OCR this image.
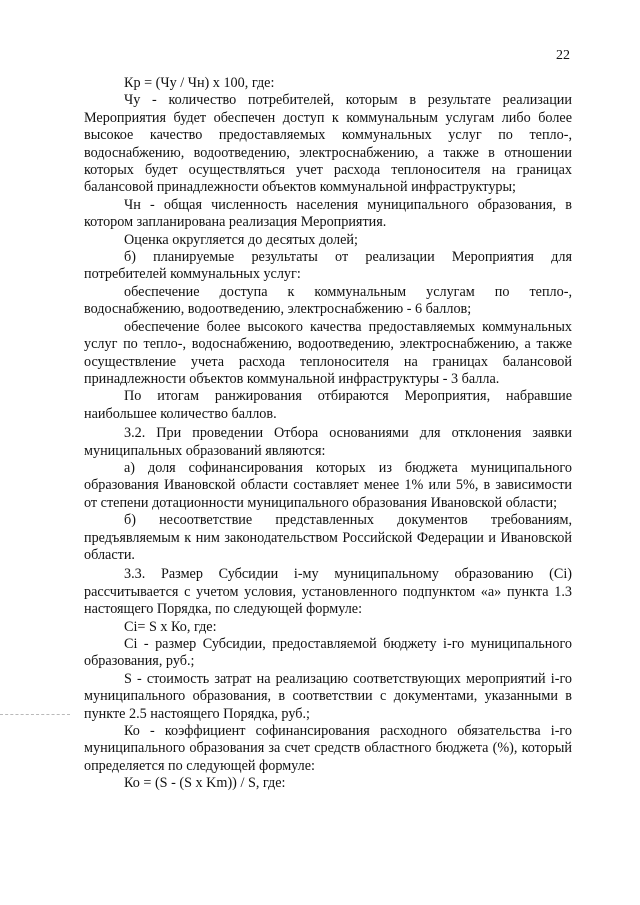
22

Кр = (Чу / Чн) х 100, где:

Чу - количество потребителей, которым в результате реализации Мероприятия будет обеспечен доступ к коммунальным услугам либо более высокое качество предоставляемых коммунальных услуг по тепло-, водоснабжению, водоотведению, электроснабжению, а также в отношении которых будет осуществляться учет расхода теплоносителя на границах балансовой принадлежности объектов коммунальной инфраструктуры;

Чн - общая численность населения муниципального образования, в котором запланирована реализация Мероприятия.

Оценка округляется до десятых долей;

б) планируемые результаты от реализации Мероприятия для потребителей коммунальных услуг:

обеспечение доступа к коммунальным услугам по тепло-, водоснабжению, водоотведению, электроснабжению - 6 баллов;

обеспечение более высокого качества предоставляемых коммунальных услуг по тепло-, водоснабжению, водоотведению, электроснабжению, а также осуществление учета расхода теплоносителя на границах балансовой принадлежности объектов коммунальной инфраструктуры - 3 балла.

По итогам ранжирования отбираются Мероприятия, набравшие наибольшее количество баллов.

3.2. При проведении Отбора основаниями для отклонения заявки муниципальных образований являются:

а) доля софинансирования которых из бюджета муниципального образования Ивановской области составляет менее 1% или 5%, в зависимости от степени дотационности муниципального образования Ивановской области;

б) несоответствие представленных документов требованиям, предъявляемым к ним законодательством Российской Федерации и Ивановской области.

3.3. Размер Субсидии i-му муниципальному образованию (Ci) рассчитывается с учетом условия, установленного подпунктом «а» пункта 1.3 настоящего Порядка, по следующей формуле:

Ci= S x Ко, где:

Ci - размер Субсидии, предоставляемой бюджету i-го муниципального образования, руб.;

S - стоимость затрат на реализацию соответствующих мероприятий i-го муниципального образования, в соответствии с документами, указанными в пункте 2.5 настоящего Порядка, руб.;

Ко - коэффициент софинансирования расходного обязательства i-го муниципального образования за счет средств областного бюджета (%), который определяется по следующей формуле:

Ко = (S - (S x Km)) / S, где:
